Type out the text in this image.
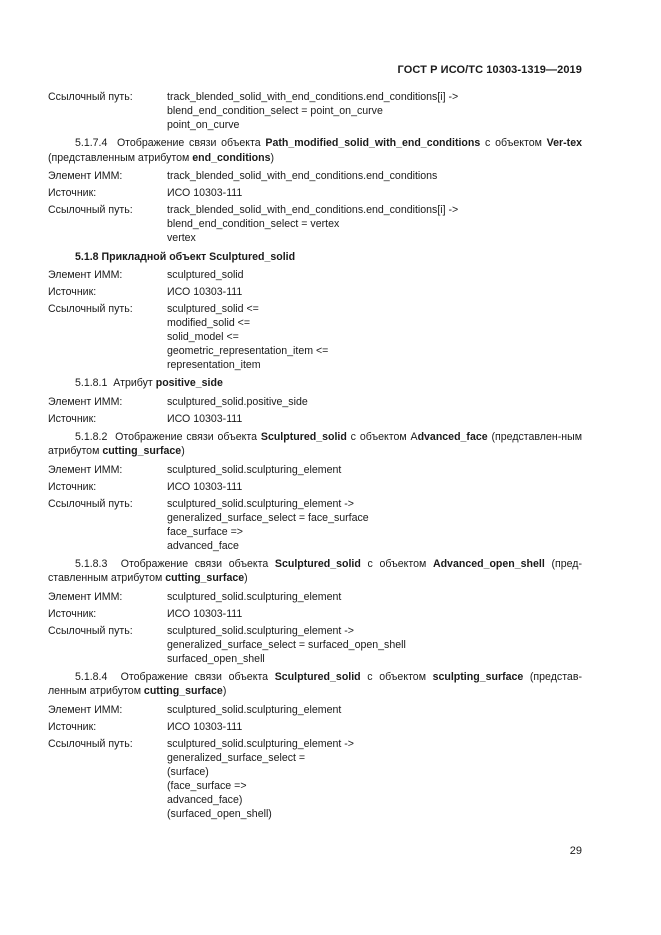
ГОСТ Р ИСО/ТС 10303-1319—2019
Ссылочный путь:	track_blended_solid_with_end_conditions.end_conditions[i] ->
blend_end_condition_select = point_on_curve
point_on_curve
5.1.7.4 Отображение связи объекта Path_modified_solid_with_end_conditions с объектом Ver-tex (представленным атрибутом end_conditions)
Элемент ИММ:	track_blended_solid_with_end_conditions.end_conditions
Источник:	ИСО 10303-111
Ссылочный путь:	track_blended_solid_with_end_conditions.end_conditions[i] ->
blend_end_condition_select = vertex
vertex
5.1.8 Прикладной объект Sculptured_solid
Элемент ИММ:	sculptured_solid
Источник:	ИСО 10303-111
Ссылочный путь:	sculptured_solid <=
modified_solid <=
solid_model <=
geometric_representation_item <=
representation_item
5.1.8.1 Атрибут positive_side
Элемент ИММ:	sculptured_solid.positive_side
Источник:	ИСО 10303-111
5.1.8.2 Отображение связи объекта Sculptured_solid с объектом Advanced_face (представлен-ным атрибутом cutting_surface)
Элемент ИММ:	sculptured_solid.sculpturing_element
Источник:	ИСО 10303-111
Ссылочный путь:	sculptured_solid.sculpturing_element ->
generalized_surface_select = face_surface
face_surface =>
advanced_face
5.1.8.3 Отображение связи объекта Sculptured_solid с объектом Advanced_open_shell (пред-ставленным атрибутом cutting_surface)
Элемент ИММ:	sculptured_solid.sculpturing_element
Источник:	ИСО 10303-111
Ссылочный путь:	sculptured_solid.sculpturing_element ->
generalized_surface_select = surfaced_open_shell
surfaced_open_shell
5.1.8.4 Отображение связи объекта Sculptured_solid с объектом sculpting_surface (представ-ленным атрибутом cutting_surface)
Элемент ИММ:	sculptured_solid.sculpturing_element
Источник:	ИСО 10303-111
Ссылочный путь:	sculptured_solid.sculpturing_element ->
generalized_surface_select =
(surface)
(face_surface =>
advanced_face)
(surfaced_open_shell)
29
